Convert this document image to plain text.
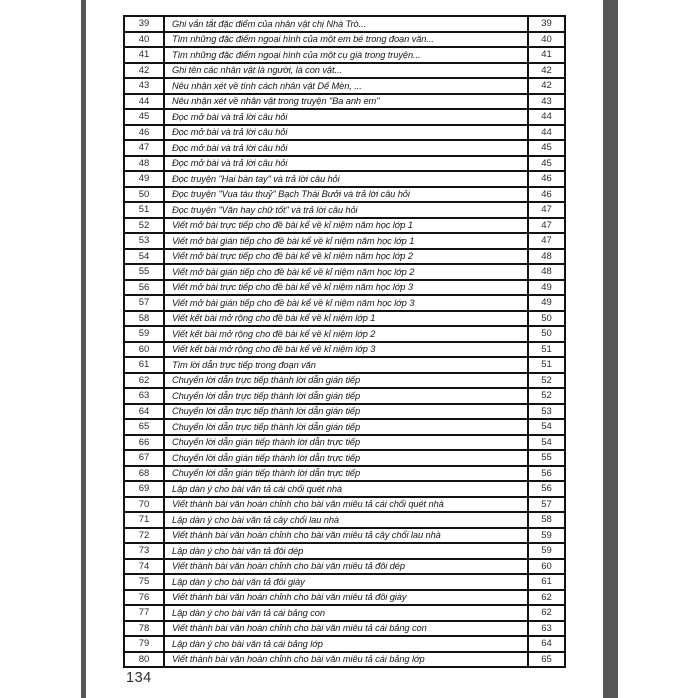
39	Ghi vắn tắt đặc điểm của nhân vật chị Nhà Trò...	39
40	Tìm những đặc điểm ngoại hình của một em bé trong đoạn văn...	40
41	Tìm những đặc điểm ngoại hình của một cụ già trong truyện...	41
42	Ghi tên các nhân vật là người, là con vật...	42
43	Nêu nhận xét về tính cách nhân vật Dế Mèn, ...	42
44	Nêu nhận xét về nhân vật trong truyện "Ba anh em"	43
45	Đọc mở bài và trả lời câu hỏi	44
46	Đọc mở bài và trả lời câu hỏi	44
47	Đọc mở bài và trả lời câu hỏi	45
48	Đọc mở bài và trả lời câu hỏi	45
49	Đọc truyện "Hai bàn tay" và trả lời câu hỏi	46
50	Đọc truyện "Vua tàu thuỷ" Bạch Thái Bưởi và trả lời câu hỏi	46
51	Đọc truyện "Văn hay chữ tốt" và trả lời câu hỏi	47
52	Viết mở bài trực tiếp cho đề bài kể về kỉ niệm năm học lớp 1	47
53	Viết mở bài gián tiếp cho đề bài kể về kỉ niệm năm học lớp 1	47
54	Viết mở bài trực tiếp cho đề bài kể về kỉ niệm năm học lớp 2	48
55	Viết mở bài gián tiếp cho đề bài kể về kỉ niệm năm học lớp 2	48
56	Viết mở bài trực tiếp cho đề bài kể về kỉ niệm năm học lớp 3	49
57	Viết mở bài gián tiếp cho đề bài kể về kỉ niệm năm học lớp 3	49
58	Viết kết bài mở rộng cho đề bài kể về kỉ niệm lớp 1	50
59	Viết kết bài mở rộng cho đề bài kể về kỉ niệm lớp 2	50
60	Viết kết bài mở rộng cho đề bài kể về kỉ niệm lớp 3	51
61	Tìm lời dẫn trực tiếp trong đoạn văn	51
62	Chuyển lời dẫn trực tiếp thành lời dẫn gián tiếp	52
63	Chuyển lời dẫn trực tiếp thành lời dẫn gián tiếp	52
64	Chuyển lời dẫn trực tiếp thành lời dẫn gián tiếp	53
65	Chuyển lời dẫn trực tiếp thành lời dẫn gián tiếp	54
66	Chuyển lời dẫn gián tiếp thành lời dẫn trực tiếp	54
67	Chuyển lời dẫn gián tiếp thành lời dẫn trực tiếp	55
68	Chuyển lời dẫn gián tiếp thành lời dẫn trực tiếp	56
69	Lập dàn ý cho bài văn tả cái chổi quét nhà	56
70	Viết thành bài văn hoàn chỉnh cho bài văn miêu tả cái chổi quét nhà	57
71	Lập dàn ý cho bài văn tả cây chổi lau nhà	58
72	Viết thành bài văn hoàn chỉnh cho bài văn miêu tả cây chổi lau nhà	59
73	Lập dàn ý cho bài văn tả đôi dép	59
74	Viết thành bài văn hoàn chỉnh cho bài văn miêu tả đôi dép	60
75	Lập dàn ý cho bài văn tả đôi giày	61
76	Viết thành bài văn hoàn chỉnh cho bài văn miêu tả đôi giày	62
77	Lập dàn ý cho bài văn tả cái bảng con	62
78	Viết thành bài văn hoàn chỉnh cho bài văn miêu tả cái bảng con	63
79	Lập dàn ý cho bài văn tả cái bảng lớp	64
80	Viết thành bài văn hoàn chỉnh cho bài văn miêu tả cái bảng lớp	65
134
